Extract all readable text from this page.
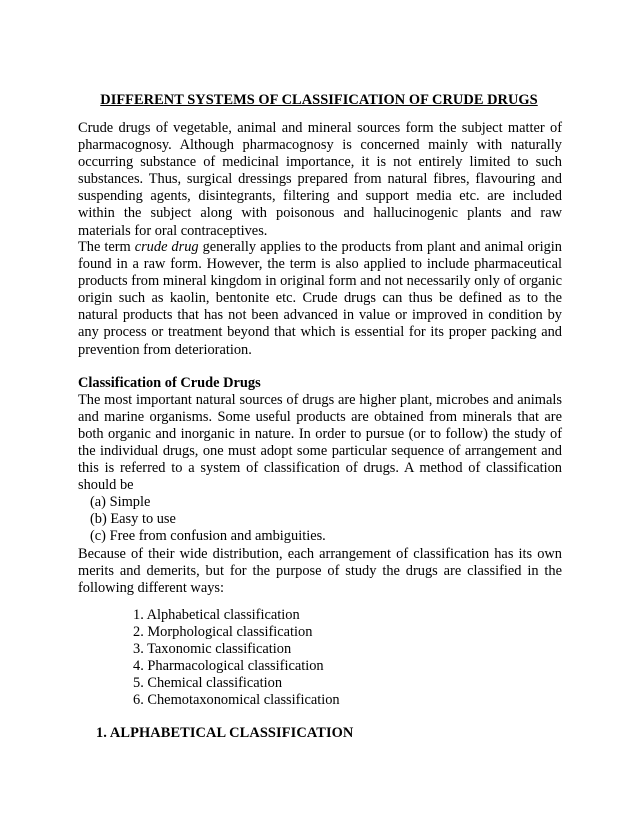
DIFFERENT SYSTEMS OF CLASSIFICATION OF CRUDE DRUGS
Crude drugs of vegetable, animal and mineral sources form the subject matter of pharmacognosy. Although pharmacognosy is concerned mainly with naturally occurring substance of medicinal importance, it is not entirely limited to such substances. Thus, surgical dressings prepared from natural fibres, flavouring and suspending agents, disintegrants, filtering and support media etc. are included within the subject along with poisonous and hallucinogenic plants and raw materials for oral contraceptives.
The term crude drug generally applies to the products from plant and animal origin found in a raw form. However, the term is also applied to include pharmaceutical products from mineral kingdom in original form and not necessarily only of organic origin such as kaolin, bentonite etc. Crude drugs can thus be defined as to the natural products that has not been advanced in value or improved in condition by any process or treatment beyond that which is essential for its proper packing and prevention from deterioration.
Classification of Crude Drugs
The most important natural sources of drugs are higher plant, microbes and animals and marine organisms. Some useful products are obtained from minerals that are both organic and inorganic in nature. In order to pursue (or to follow) the study of the individual drugs, one must adopt some particular sequence of arrangement and this is referred to a system of classification of drugs. A method of classification should be
(a) Simple
(b) Easy to use
(c) Free from confusion and ambiguities.
Because of their wide distribution, each arrangement of classification has its own merits and demerits, but for the purpose of study the drugs are classified in the following different ways:
1. Alphabetical classification
2. Morphological classification
3. Taxonomic classification
4. Pharmacological classification
5. Chemical classification
6. Chemotaxonomical classification
1. ALPHABETICAL CLASSIFICATION
